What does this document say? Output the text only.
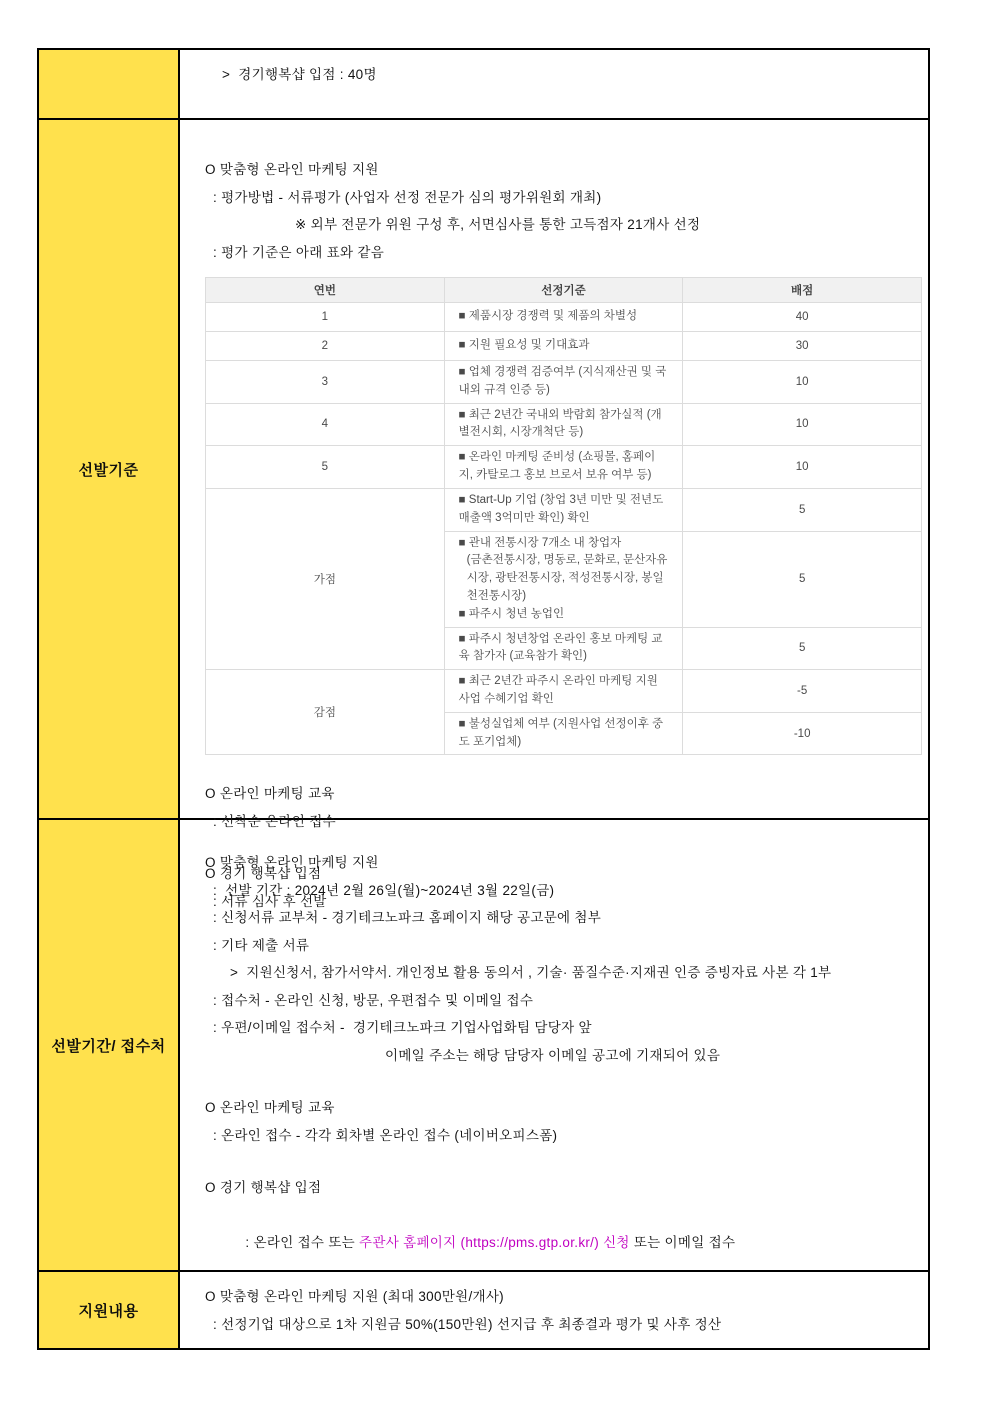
>  경기행복샵 입점 : 40명
선발기준
O 맞춤형 온라인 마케팅 지원
: 평가방법 - 서류평가 (사업자 선정 전문가 심의 평가위원회 개최)
※ 외부 전문가 위원 구성 후, 서면심사를 통한 고득점자 21개사 선정
: 평가 기준은 아래 표와 같음
연번	선정기준	배점
1	■ 제품시장 경쟁력 및 제품의 차별성	40
2	■ 지원 필요성 및 기대효과	30
3	■ 업체 경쟁력 검증여부 (지식재산권 및 국내외 규격 인증 등)	10
4	■ 최근 2년간 국내외 박람회 참가실적 (개별전시회, 시장개척단 등)	10
5	■ 온라인 마케팅 준비성 (쇼핑몰, 홈페이지, 카탈로그 홍보 브로서 보유 여부 등)	10
가점	■ Start-Up 기업 (창업 3년 미만 및 전년도 매출액 3억미만 확인) 확인	5

	■ 관내 전통시장 7개소 내 창업자
(금촌전통시장, 명동로, 문화로, 문산자유시장, 광탄전통시장, 적성전통시장, 봉일천전통시장)
■ 파주시 청년 농업인	5
	■ 파주시 청년창업 온라인 홍보 마케팅 교육 참가자 (교육참가 확인)	5
감점	■ 최근 2년간 파주시 온라인 마케팅 지원사업 수혜기업 확인	-5
	■ 불성실업체 여부 (지원사업 선정이후 중도 포기업체)	-10
O 온라인 마케팅 교육
: 선착순 온라인 접수
O 경기 행복샵 입점
: 서류 심사 후 선발
선발기간/ 접수처
O 맞춤형 온라인 마케팅 지원
:  선발 기간 : 2024년 2월 26일(월)~2024년 3월 22일(금)
: 신청서류 교부처 - 경기테크노파크 홈페이지 해당 공고문에 첨부
: 기타 제출 서류
>  지원신청서, 참가서약서. 개인정보 활용 동의서 , 기술· 품질수준·지재권 인증 증빙자료 사본 각 1부
: 접수처 - 온라인 신청, 방문, 우편접수 및 이메일 접수
: 우편/이메일 접수처 -  경기테크노파크 기업사업화팀 담당자 앞
이메일 주소는 해당 담당자 이메일 공고에 기재되어 있음
O 온라인 마케팅 교육
: 온라인 접수 - 각각 회차별 온라인 접수 (네이버오피스폼)
O 경기 행복샵 입점

: 온라인 접수 또는 주관사 홈페이지 (https://pms.gtp.or.kr/) 신청 또는 이메일 접수

지원내용
O 맞춤형 온라인 마케팅 지원 (최대 300만원/개사)
: 선정기업 대상으로 1차 지원금 50%(150만원) 선지급 후 최종결과 평가 및 사후 정산
